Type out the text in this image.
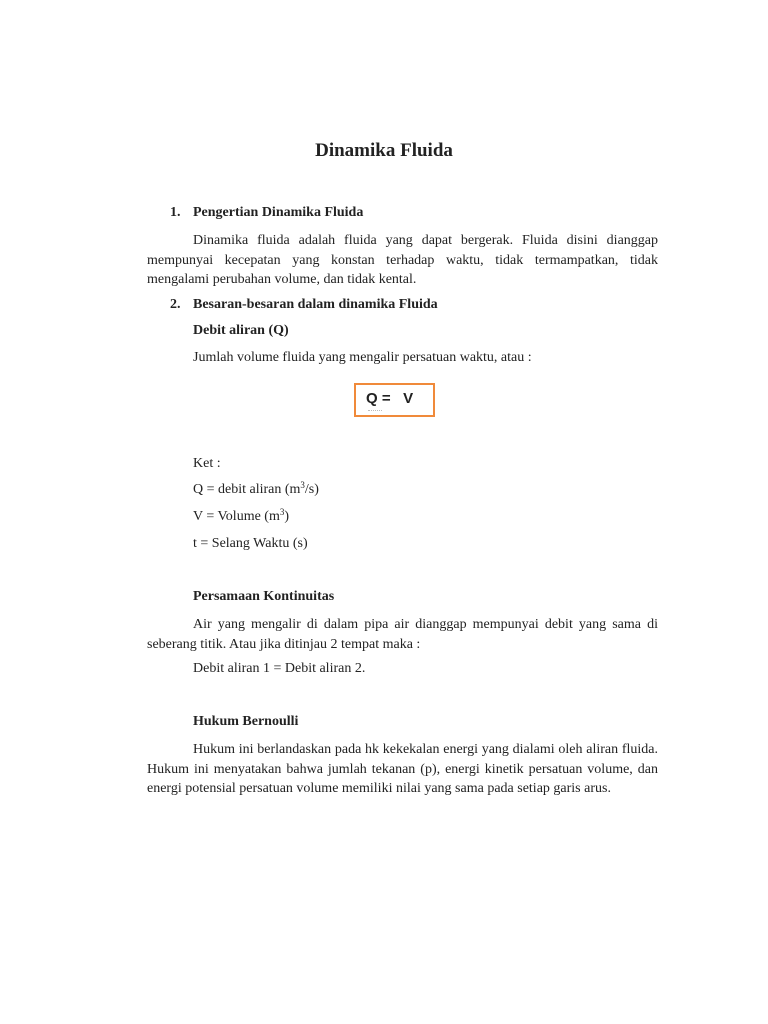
Dinamika Fluida
1. Pengertian Dinamika Fluida
Dinamika fluida adalah fluida yang dapat bergerak. Fluida disini dianggap mempunyai kecepatan yang konstan terhadap waktu, tidak termampatkan, tidak mengalami perubahan volume, dan tidak kental.
2. Besaran-besaran dalam dinamika Fluida
Debit aliran (Q)
Jumlah volume fluida yang mengalir persatuan waktu, atau :
Q =   V
Ket :
Q = debit aliran $(m^3/s)$
V = Volume $(m^3)$
t = Selang Waktu (s)
Persamaan Kontinuitas
Air yang mengalir di dalam pipa air dianggap mempunyai debit yang sama di seberang titik. Atau jika ditinjau 2 tempat maka :
Debit aliran 1 = Debit aliran 2.
Hukum Bernoulli
Hukum ini berlandaskan pada hk kekekalan energi yang dialami oleh aliran fluida. Hukum ini menyatakan bahwa jumlah tekanan (p), energi kinetik persatuan volume, dan energi potensial persatuan volume memiliki nilai yang sama pada setiap garis arus.
